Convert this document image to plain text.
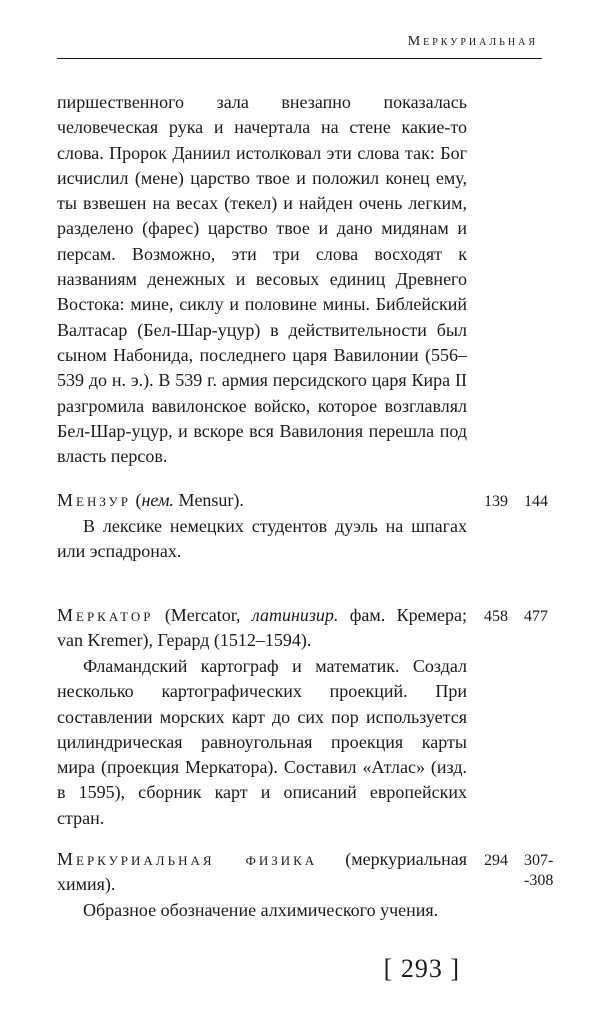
Меркуриальная

пиршественного зала внезапно показалась человеческая рука и начертала на стене какие-то слова. Пророк Даниил истолковал эти слова так: Бог исчислил (мене) царство твое и положил конец ему, ты взвешен на весах (текел) и найден очень легким, разделено (фарес) царство твое и дано мидянам и персам. Возможно, эти три слова восходят к названиям денежных и весовых единиц Древнего Востока: мине, сиклу и половине мины. Библейский Валтасар (Бел-Шар-уцур) в действительности был сыном Набонида, последнего царя Вавилонии (556–539 до н. э.). В 539 г. армия персидского царя Кира II разгромила вавилонское войско, которое возглавлял Бел-Шар-уцур, и вскоре вся Вавилония перешла под власть персов.

Мензур (нем. Mensur).

В лексике немецких студентов дуэль на шпагах или эспадронах.

139 144

Меркатор (Mercator, латинизир. фам. Кремера; van Kremer), Герард (1512–1594).

Фламандский картограф и математик. Создал несколько картографических проекций. При составлении морских карт до сих пор используется цилиндрическая равноугольная проекция карты мира (проекция Меркатора). Составил «Атлас» (изд. в 1595), сборник карт и описаний европейских стран.

458 477

Меркуриальная физика (меркуриальная химия).

Образное обозначение алхимического учения.

294 307-
-308
[ 293 ]
